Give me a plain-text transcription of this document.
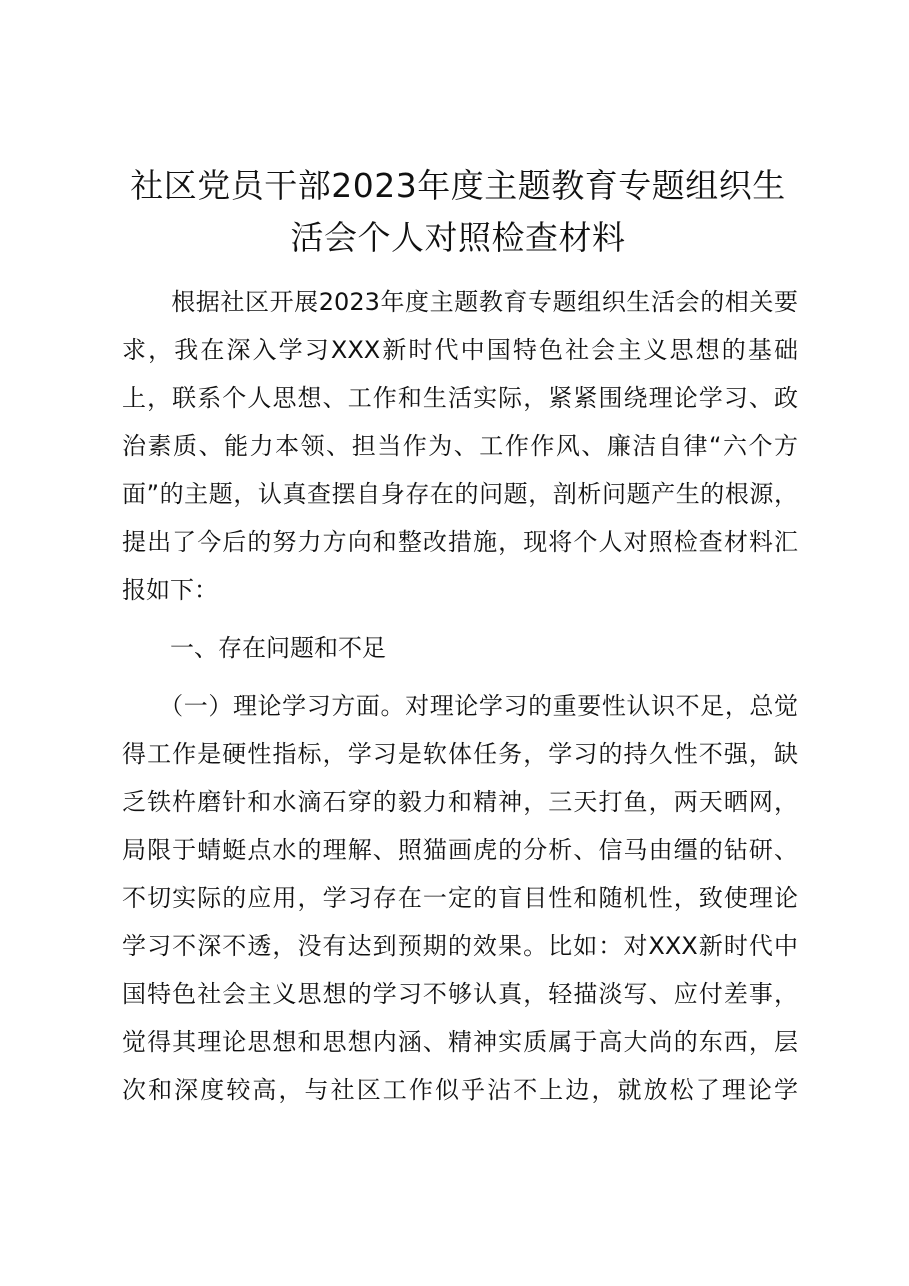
社区党员干部2023年度主题教育专题组织生
活会个人对照检查材料
　　根据社区开展2023年度主题教育专题组织生活会的相关要
求，我在深入学习XXX新时代中国特色社会主义思想的基础
上，联系个人思想、工作和生活实际，紧紧围绕理论学习、政
治素质、能力本领、担当作为、工作作风、廉洁自律“六个方
面”的主题，认真查摆自身存在的问题，剖析问题产生的根源，
提出了今后的努力方向和整改措施，现将个人对照检查材料汇
报如下：
　　一、存在问题和不足
　　（一）理论学习方面。对理论学习的重要性认识不足，总觉
得工作是硬性指标，学习是软体任务，学习的持久性不强，缺
乏铁杵磨针和水滴石穿的毅力和精神，三天打鱼，两天晒网，
局限于蜻蜓点水的理解、照猫画虎的分析、信马由缰的钻研、
不切实际的应用，学习存在一定的盲目性和随机性，致使理论
学习不深不透，没有达到预期的效果。比如：对XXX新时代中
国特色社会主义思想的学习不够认真，轻描淡写、应付差事，
觉得其理论思想和思想内涵、精神实质属于高大尚的东西，层
次和深度较高，与社区工作似乎沾不上边，就放松了理论学
